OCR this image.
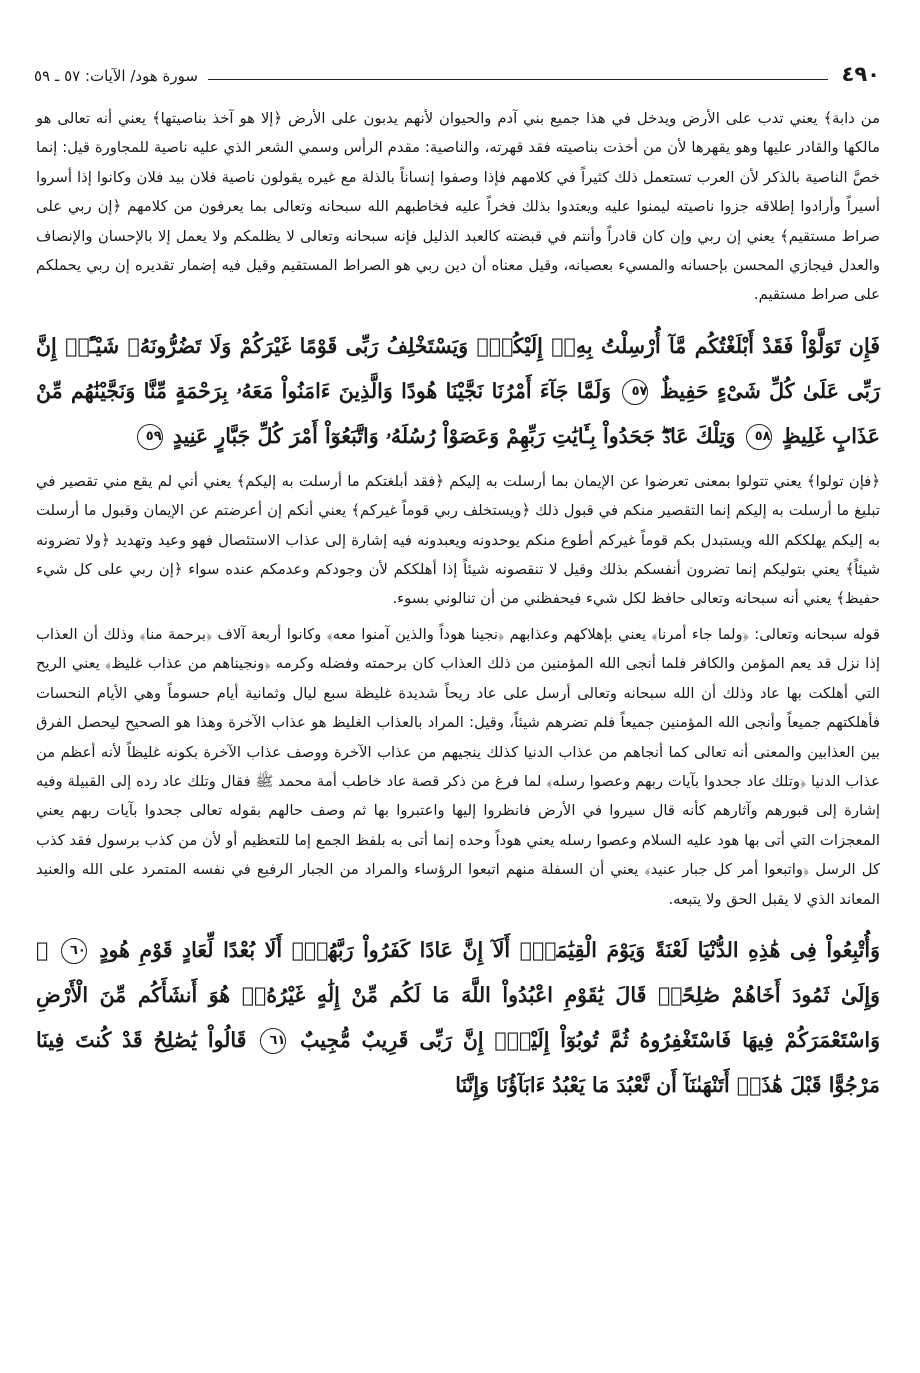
٤٩٠
سورة هود/ الآيات: ٥٧ ـ ٥٩

من دابة﴾ يعني تدب على الأرض ويدخل في هذا جميع بني آدم والحيوان لأنهم يدبون على الأرض ﴿إلا هو آخذ بناصيتها﴾ يعني أنه تعالى هو مالكها والقادر عليها وهو يقهرها لأن من أخذت بناصيته فقد قهرته، والناصية: مقدم الرأس وسمي الشعر الذي عليه ناصية للمجاورة قيل: إنما خصَّ الناصية بالذكر لأن العرب تستعمل ذلك كثيراً في كلامهم فإذا وصفوا إنساناً بالذلة مع غيره يقولون ناصية فلان بيد فلان وكانوا إذا أسروا أسيراً وأرادوا إطلاقه جزوا ناصيته ليمنوا عليه ويعتدوا بذلك فخراً عليه فخاطبهم الله سبحانه وتعالى بما يعرفون من كلامهم ﴿إن ربي على صراط مستقيم﴾ يعني إن ربي وإن كان قادراً وأنتم في قبضته كالعبد الذليل فإنه سبحانه وتعالى لا يظلمكم ولا يعمل إلا بالإحسان والإنصاف والعدل فيجازي المحسن بإحسانه والمسيء بعصيانه، وقيل معناه أن دين ربي هو الصراط المستقيم وقيل فيه إضمار تقديره إن ربي يحملكم على صراط مستقيم.

فَإِن تَوَلَّوْاْ فَقَدْ أَبْلَغْتُكُم مَّآ أُرْسِلْتُ بِهِۦٓ إِلَيْكُمْۚ وَيَسْتَخْلِفُ رَبِّى قَوْمًا غَيْرَكُمْ وَلَا تَضُرُّونَهُۥ شَيْـًٔاۚ إِنَّ رَبِّى عَلَىٰ كُلِّ شَىْءٍ حَفِيظٌ ٥٧ وَلَمَّا جَآءَ أَمْرُنَا نَجَّيْنَا هُودًا وَالَّذِينَ ءَامَنُواْ مَعَهُۥ بِرَحْمَةٍ مِّنَّا وَنَجَّيْنَٰهُم مِّنْ عَذَابٍ غَلِيظٍ ٥٨ وَتِلْكَ عَادٌۖ جَحَدُواْ بِـَٔايَٰتِ رَبِّهِمْ وَعَصَوْاْ رُسُلَهُۥ وَاتَّبَعُوٓاْ أَمْرَ كُلِّ جَبَّارٍ عَنِيدٍ ٥٩

﴿فإن تولوا﴾ يعني تتولوا بمعنى تعرضوا عن الإيمان بما أرسلت به إليكم ﴿فقد أبلغتكم ما أرسلت به إليكم﴾ يعني أني لم يقع مني تقصير في تبليغ ما أرسلت به إليكم إنما التقصير منكم في قبول ذلك ﴿ويستخلف ربي قوماً غيركم﴾ يعني أنكم إن أعرضتم عن الإيمان وقبول ما أرسلت به إليكم يهلككم الله ويستبدل بكم قوماً غيركم أطوع منكم يوحدونه ويعبدونه فيه إشارة إلى عذاب الاستئصال فهو وعيد وتهديد ﴿ولا تضرونه شيئاً﴾ يعني بتوليكم إنما تضرون أنفسكم بذلك وقيل لا تنقصونه شيئاً إذا أهلككم لأن وجودكم وعدمكم عنده سواء ﴿إن ربي على كل شيء حفيظ﴾ يعني أنه سبحانه وتعالى حافظ لكل شيء فيحفظني من أن تنالوني بسوء.

قوله سبحانه وتعالى: ﴿ولما جاء أمرنا﴾ يعني بإهلاكهم وعذابهم ﴿نجينا هوداً والذين آمنوا معه﴾ وكانوا أربعة آلاف ﴿برحمة منا﴾ وذلك أن العذاب إذا نزل قد يعم المؤمن والكافر فلما أنجى الله المؤمنين من ذلك العذاب كان برحمته وفضله وكرمه ﴿ونجيناهم من عذاب غليظ﴾ يعني الريح التي أهلكت بها عاد وذلك أن الله سبحانه وتعالى أرسل على عاد ريحاً شديدة غليظة سبع ليال وثمانية أيام حسوماً وهي الأيام النحسات فأهلكتهم جميعاً وأنجى الله المؤمنين جميعاً فلم تضرهم شيئاً، وقيل: المراد بالعذاب الغليظ هو عذاب الآخرة وهذا هو الصحيح ليحصل الفرق بين العذابين والمعنى أنه تعالى كما أنجاهم من عذاب الدنيا كذلك ينجيهم من عذاب الآخرة ووصف عذاب الآخرة بكونه غليظاً لأنه أعظم من عذاب الدنيا ﴿وتلك عاد جحدوا بآيات ربهم وعصوا رسله﴾ لما فرغ من ذكر قصة عاد خاطب أمة محمد ﷺ فقال وتلك عاد رده إلى القبيلة وفيه إشارة إلى قبورهم وآثارهم كأنه قال سيروا في الأرض فانظروا إليها واعتبروا بها ثم وصف حالهم بقوله تعالى جحدوا بآيات ربهم يعني المعجزات التي أتى بها هود عليه السلام وعصوا رسله يعني هوداً وحده إنما أتى به بلفظ الجمع إما للتعظيم أو لأن من كذب برسول فقد كذب كل الرسل ﴿واتبعوا أمر كل جبار عنيد﴾ يعني أن السفلة منهم اتبعوا الرؤساء والمراد من الجبار الرفيع في نفسه المتمرد على الله والعنيد المعاند الذي لا يقبل الحق ولا يتبعه.

وَأُتْبِعُواْ فِى هَٰذِهِ الدُّنْيَا لَعْنَةً وَيَوْمَ الْقِيَٰمَةِۗ أَلَآ إِنَّ عَادًا كَفَرُواْ رَبَّهُمْۗ أَلَا بُعْدًا لِّعَادٍ قَوْمِ هُودٍ ٦٠ ۞ وَإِلَىٰ ثَمُودَ أَخَاهُمْ صَٰلِحًاۚ قَالَ يَٰقَوْمِ اعْبُدُواْ اللَّهَ مَا لَكُم مِّنْ إِلَٰهٍ غَيْرُهُۥۖ هُوَ أَنشَأَكُم مِّنَ الْأَرْضِ وَاسْتَعْمَرَكُمْ فِيهَا فَاسْتَغْفِرُوهُ ثُمَّ تُوبُوٓاْ إِلَيْهِۚ إِنَّ رَبِّى قَرِيبٌ مُّجِيبٌ ٦١ قَالُواْ يَٰصَٰلِحُ قَدْ كُنتَ فِينَا مَرْجُوًّا قَبْلَ هَٰذَآۖ أَتَنْهَىٰنَآ أَن نَّعْبُدَ مَا يَعْبُدُ ءَابَآؤُنَا وَإِنَّنَا
